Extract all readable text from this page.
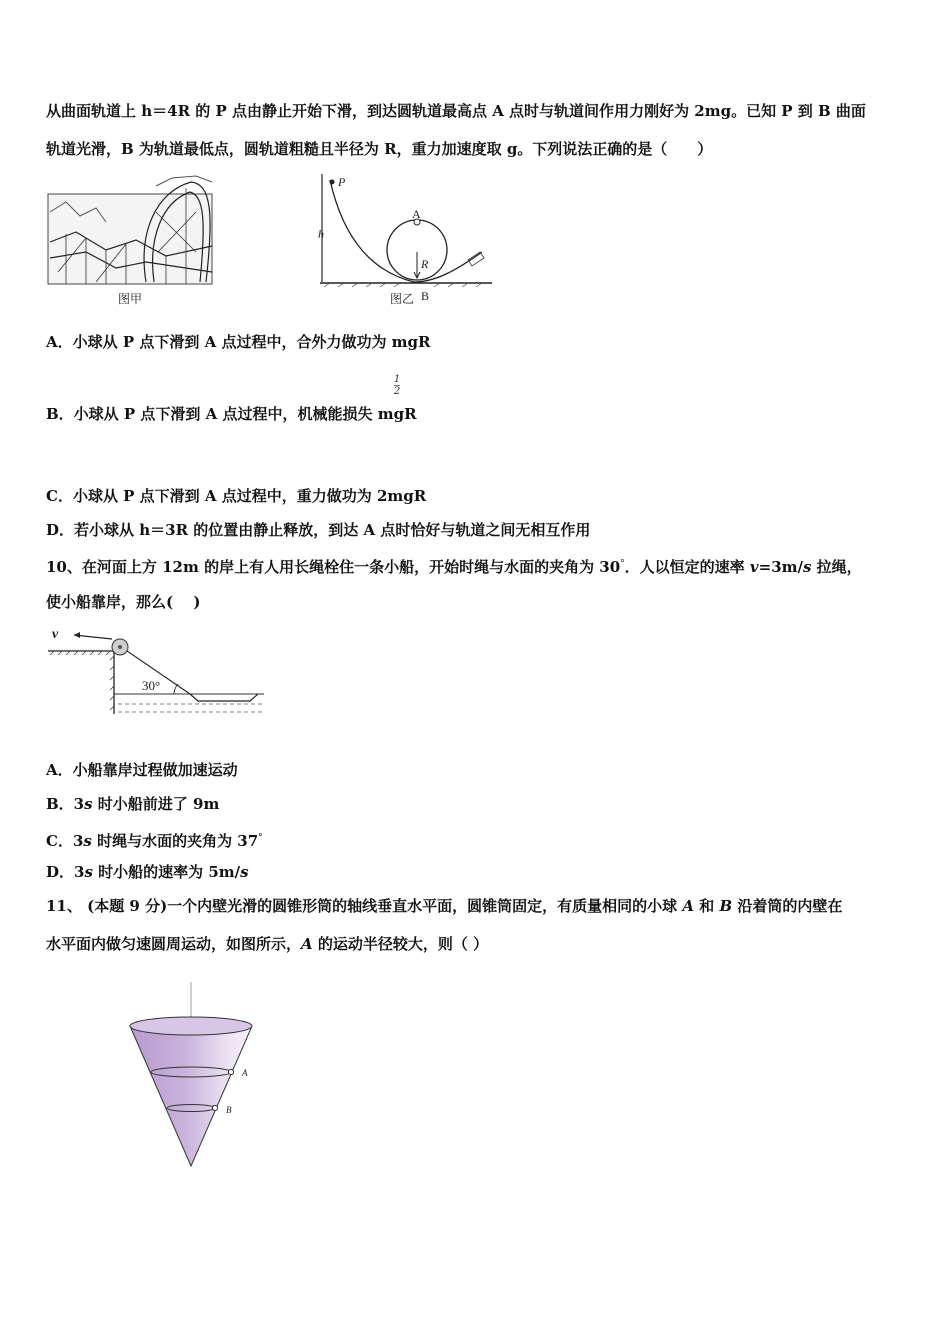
从曲面轨道上 h＝4R 的 P 点由静止开始下滑，到达圆轨道最高点 A 点时与轨道间作用力刚好为 2mg。已知 P 到 B 曲面
轨道光滑，B 为轨道最低点，圆轨道粗糙且半径为 R，重力加速度取 g。下列说法正确的是（　　）
图甲
P
h
A
R
图乙 B
A．小球从 P 点下滑到 A 点过程中，合外力做功为 mgR
1
2
B．小球从 P 点下滑到 A 点过程中，机械能损失 mgR
C．小球从 P 点下滑到 A 点过程中，重力做功为 2mgR
D．若小球从 h＝3R 的位置由静止释放，到达 A 点时恰好与轨道之间无相互作用
10、在河面上方 12m 的岸上有人用长绳栓住一条小船，开始时绳与水面的夹角为 30°．人以恒定的速率 v=3m/s 拉绳，
使小船靠岸，那么(　 )
v
30°
A．小船靠岸过程做加速运动
B．3s 时小船前进了 9m
C．3s 时绳与水面的夹角为 37°
D．3s 时小船的速率为 5m/s
11、 (本题 9 分)一个内壁光滑的圆锥形筒的轴线垂直水平面，圆锥筒固定，有质量相同的小球 A 和 B 沿着筒的内壁在
水平面内做匀速圆周运动，如图所示，A 的运动半径较大，则（ ）
A
B
